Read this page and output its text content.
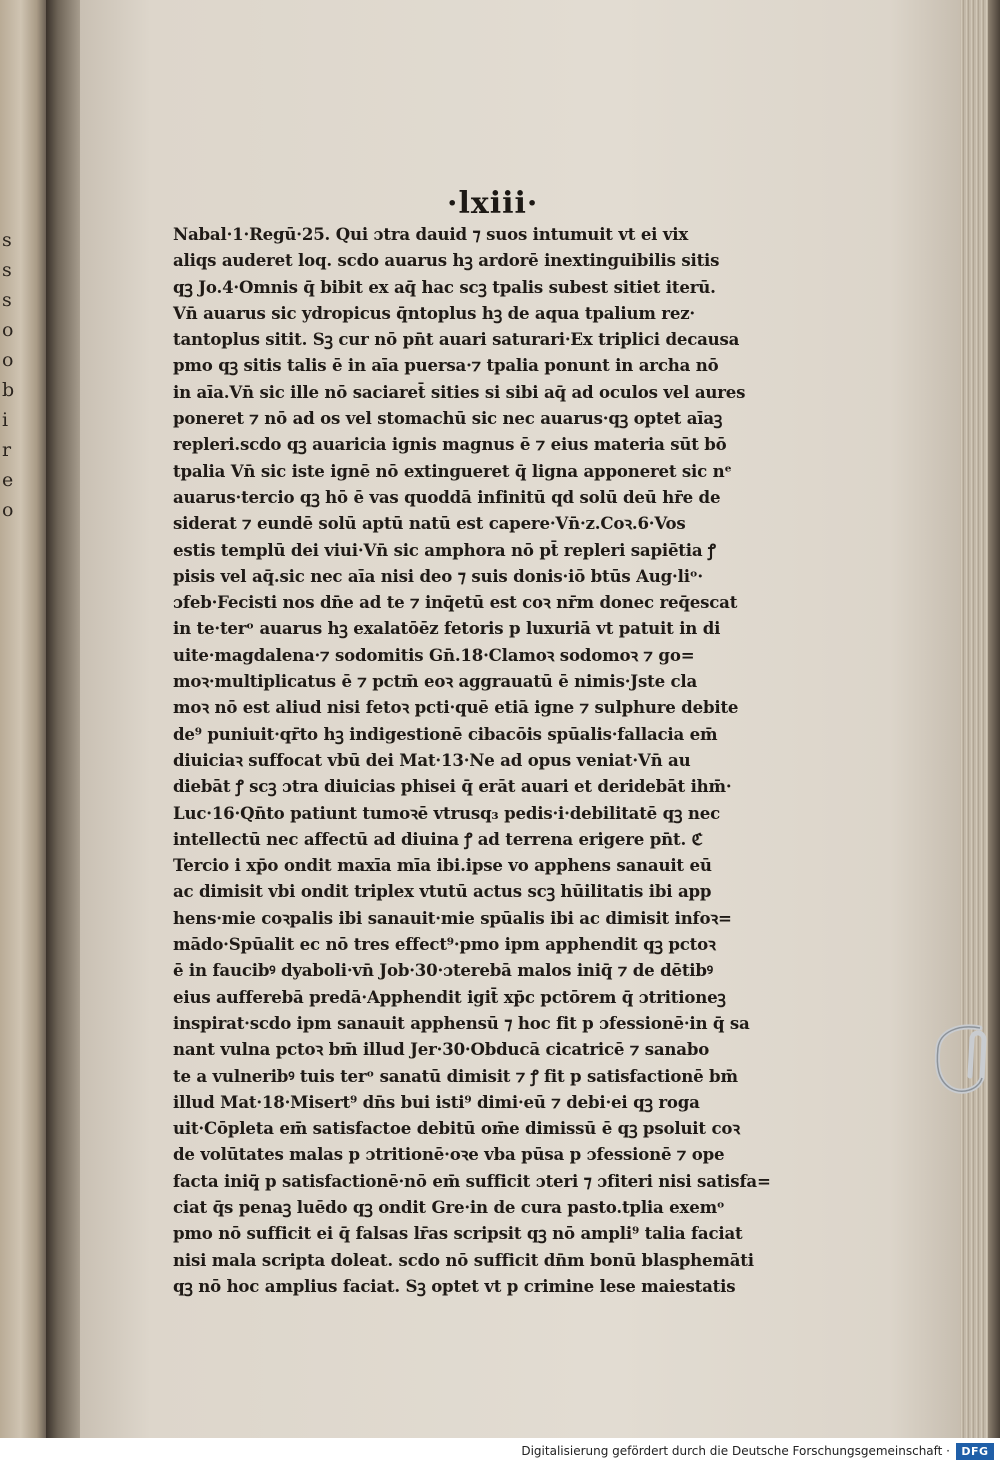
s
s
s
o
o
b
i
r
e
o
·lxiii·
Nabal·1·Regū·25. Qui ɔtra dauid ⁊ suos intumuit vt ei vix
aliqs auderet loq. scdo auarus hꝫ ardorē inextinguibilis sitis
qꝫ Jo.4·Omnis q̄ bibit ex aq̄ hac scꝫ tpalis subest sitiet iterū.
Vn̄ auarus sic ydropicus q̄ntoplus hꝫ de aqua tpalium rez·
tantoplus sitit. Sꝫ cur nō pn̄t auari saturari·Ex triplici decausa
pmo qꝫ sitis talis ē in aīa puersa·⁊ tpalia ponunt in archa nō
in aīa.Vn̄ sic ille nō saciaret̄ sities si sibi aq̄ ad oculos vel aures
poneret ⁊ nō ad os vel stomachū sic nec auarus·qꝫ optet aīaꝫ
repleri.scdo qꝫ auaricia ignis magnus ē ⁊ eius materia sūt bō
tpalia Vn̄ sic iste ignē nō extingueret q̄ ligna apponeret sic nᵉ
auarus·tercio qꝫ hō ē vas quoddā infinitū qd solū deū hr̄e de
siderat ⁊ eundē solū aptū natū est capere·Vn̄·z.Coꝛ.6·Vos
estis templū dei viui·Vn̄ sic amphora nō pt̄ repleri sapiētia ꝭ
pisis vel aq̄.sic nec aīa nisi deo ⁊ suis donis·iō btūs Aug·liᵒ·
ɔfeb·Fecisti nos dn̄e ad te ⁊ inq̄etū est coꝛ nr̄m donec req̄escat
in te·terᵒ auarus hꝫ exalatōēz fetoris p luxuriā vt patuit in di
uite·magdalena·⁊ sodomitis Gn̄.18·Clamoꝛ sodomoꝛ ⁊ go=
moꝛ·multiplicatus ē ⁊ pctm̄ eoꝛ aggrauatū ē nimis·Jste cla
moꝛ nō est aliud nisi fetoꝛ pcti·quē etiā igne ⁊ sulphure debite
de⁹ puniuit·qr̄to hꝫ indigestionē cibacōis spūalis·fallacia em̄
diuiciaꝛ suffocat vbū dei Mat·13·Ne ad opus veniat·Vn̄ au
diebāt ꝭ scꝫ ɔtra diuicias phisei q̄ erāt auari et deridebāt ihm̄·
Luc·16·Qn̄to patiunt tumoꝛē vtrusq₃ pedis·i·debilitatē qꝫ nec
intellectū nec affectū ad diuina ꝭ ad terrena erigere pn̄t. ℭ
Tercio i xp̄o ondit maxīa mīa ibi.ipse vo apphens sanauit eū
ac dimisit vbi ondit triplex vtutū actus scꝫ hūilitatis ibi app
hens·mie coꝛpalis ibi sanauit·mie spūalis ibi ac dimisit infoꝛ=
mādo·Spūalit ec nō tres effect⁹·pmo ipm apphendit qꝫ pctoꝛ
ē in faucibꝰ dyaboli·vn̄ Job·30·ɔterebā malos iniq̄ ⁊ de dētibꝰ
eius aufferebā predā·Apphendit igit̄ xp̄c pctōrem q̄ ɔtritioneꝫ
inspirat·scdo ipm sanauit apphensū ⁊ hoc fit p ɔfessionē·in q̄ sa
nant vulna pctoꝛ bm̄ illud Jer·30·Obducā cicatricē ⁊ sanabo
te a vulneribꝰ tuis terᵒ sanatū dimisit ⁊ ꝭ fit p satisfactionē bm̄
illud Mat·18·Misert⁹ dn̄s bui isti⁹ dimi·eū ⁊ debi·ei qꝫ roga
uit·Cōpleta em̄ satisfactoe debitū om̄e dimissū ē qꝫ psoluit coꝛ
de volūtates malas p ɔtritionē·oꝛe vba pūsa p ɔfessionē ⁊ ope
facta iniq̄ p satisfactionē·nō em̄ sufficit ɔteri ⁊ ɔfiteri nisi satisfa=
ciat q̄s penaꝫ luēdo qꝫ ondit Gre·in de cura pasto.tplia exemᵒ
pmo nō sufficit ei q̄ falsas lr̄as scripsit qꝫ nō ampli⁹ talia faciat
nisi mala scripta doleat. scdo nō sufficit dn̄m bonū blasphemāti
qꝫ nō hoc amplius faciat. Sꝫ optet vt p crimine lese maiestatis
Digitalisierung gefördert durch die Deutsche Forschungsgemeinschaft ·	DFG
